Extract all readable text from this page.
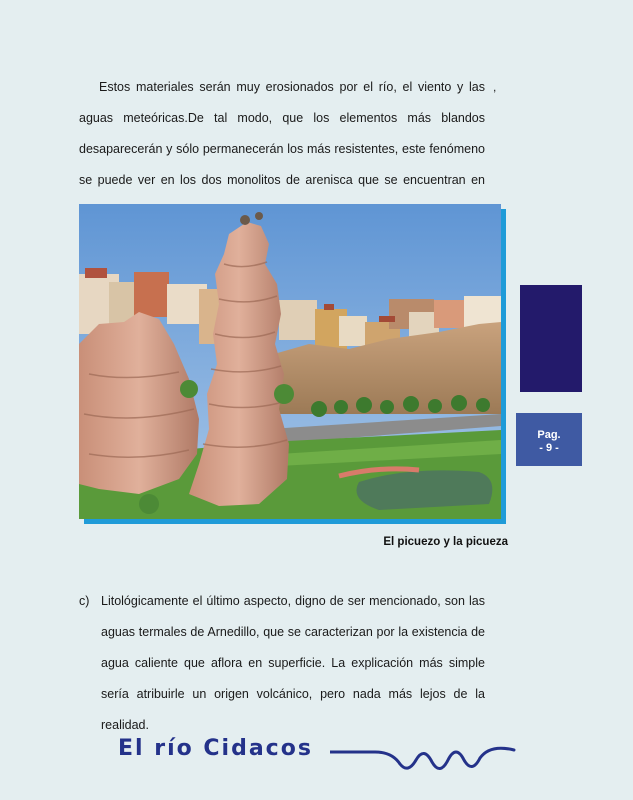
Estos materiales serán muy erosionados por el río, el viento y las aguas meteóricas.De tal modo, que los elementos más blandos desaparecerán y sólo permanecerán los más resistentes, este fenómeno se puede ver en los dos monolitos de arenisca que se encuentran en

,
El picuezo y la picueza
Pag.
- 9 -
c) Litológicamente el último aspecto, digno de ser mencionado, son las aguas termales de Arnedillo, que se caracterizan por la existencia de agua caliente que aflora en superficie. La explicación más simple sería atribuirle un origen volcánico, pero nada más lejos de la realidad.

El río Cidacos
